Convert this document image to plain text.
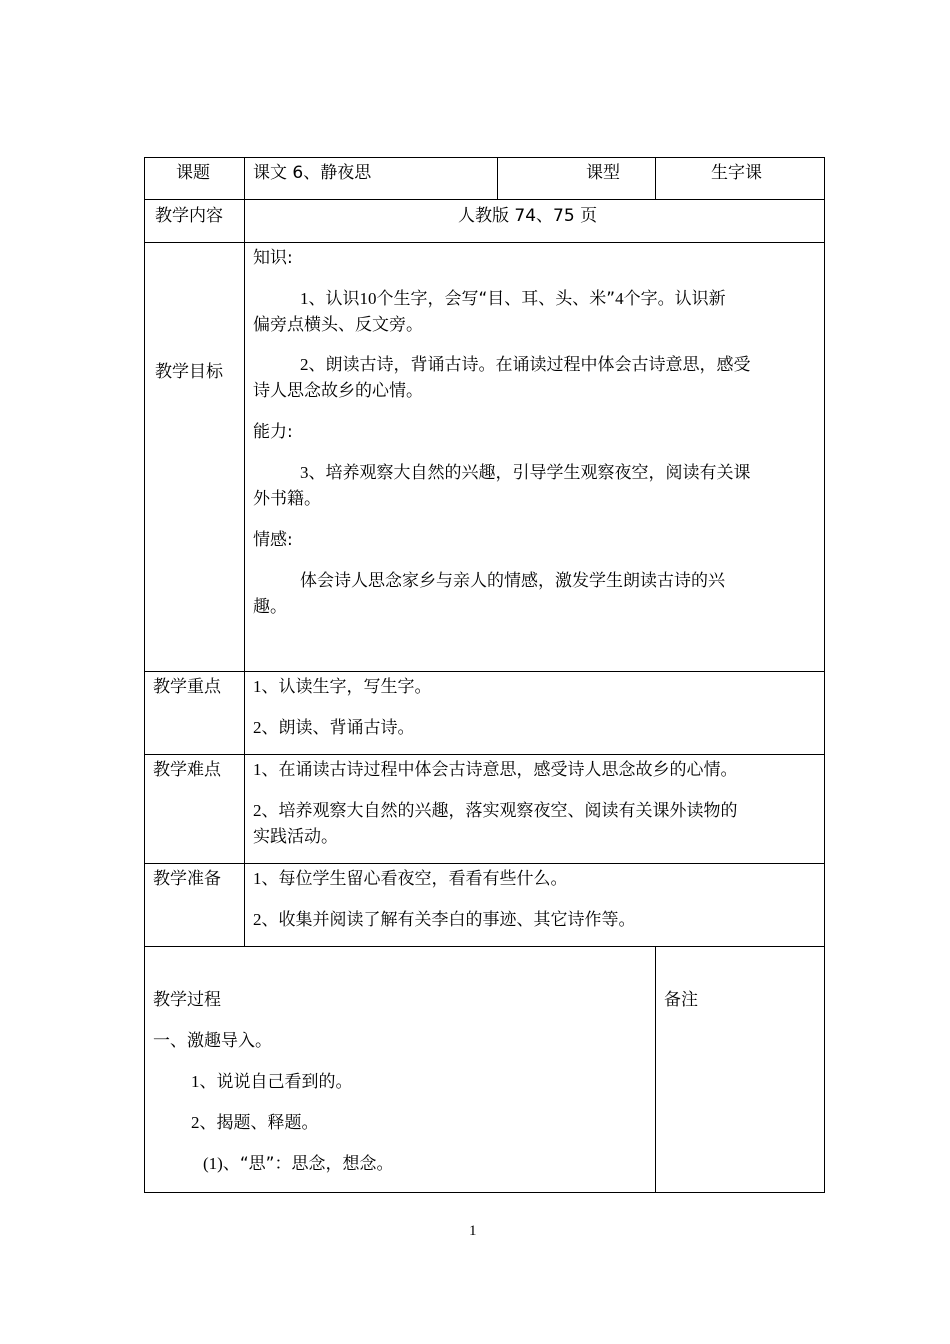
课题	课文 6、静夜思	课型	生字课
教学内容	人教版 74、75 页
教学目标
知识:
1、认识10个生字，会写“目、耳、头、米”4个字。认识新
偏旁点横头、反文旁。
2、朗读古诗，背诵古诗。在诵读过程中体会古诗意思，感受
诗人思念故乡的心情。
能力:
3、培养观察大自然的兴趣，引导学生观察夜空，阅读有关课
外书籍。
情感:
体会诗人思念家乡与亲人的情感，激发学生朗读古诗的兴
趣。
教学重点 1、认读生字，写生字。
2、朗读、背诵古诗。
教学难点 1、在诵读古诗过程中体会古诗意思，感受诗人思念故乡的心情。
2、培养观察大自然的兴趣，落实观察夜空、阅读有关课外读物的
实践活动。
教学准备 1、每位学生留心看夜空，看看有些什么。
2、收集并阅读了解有关李白的事迹、其它诗作等。
教学过程	备注
一、激趣导入。
1、说说自己看到的。
2、揭题、释题。
(1)、“思”：思念，想念。
1
